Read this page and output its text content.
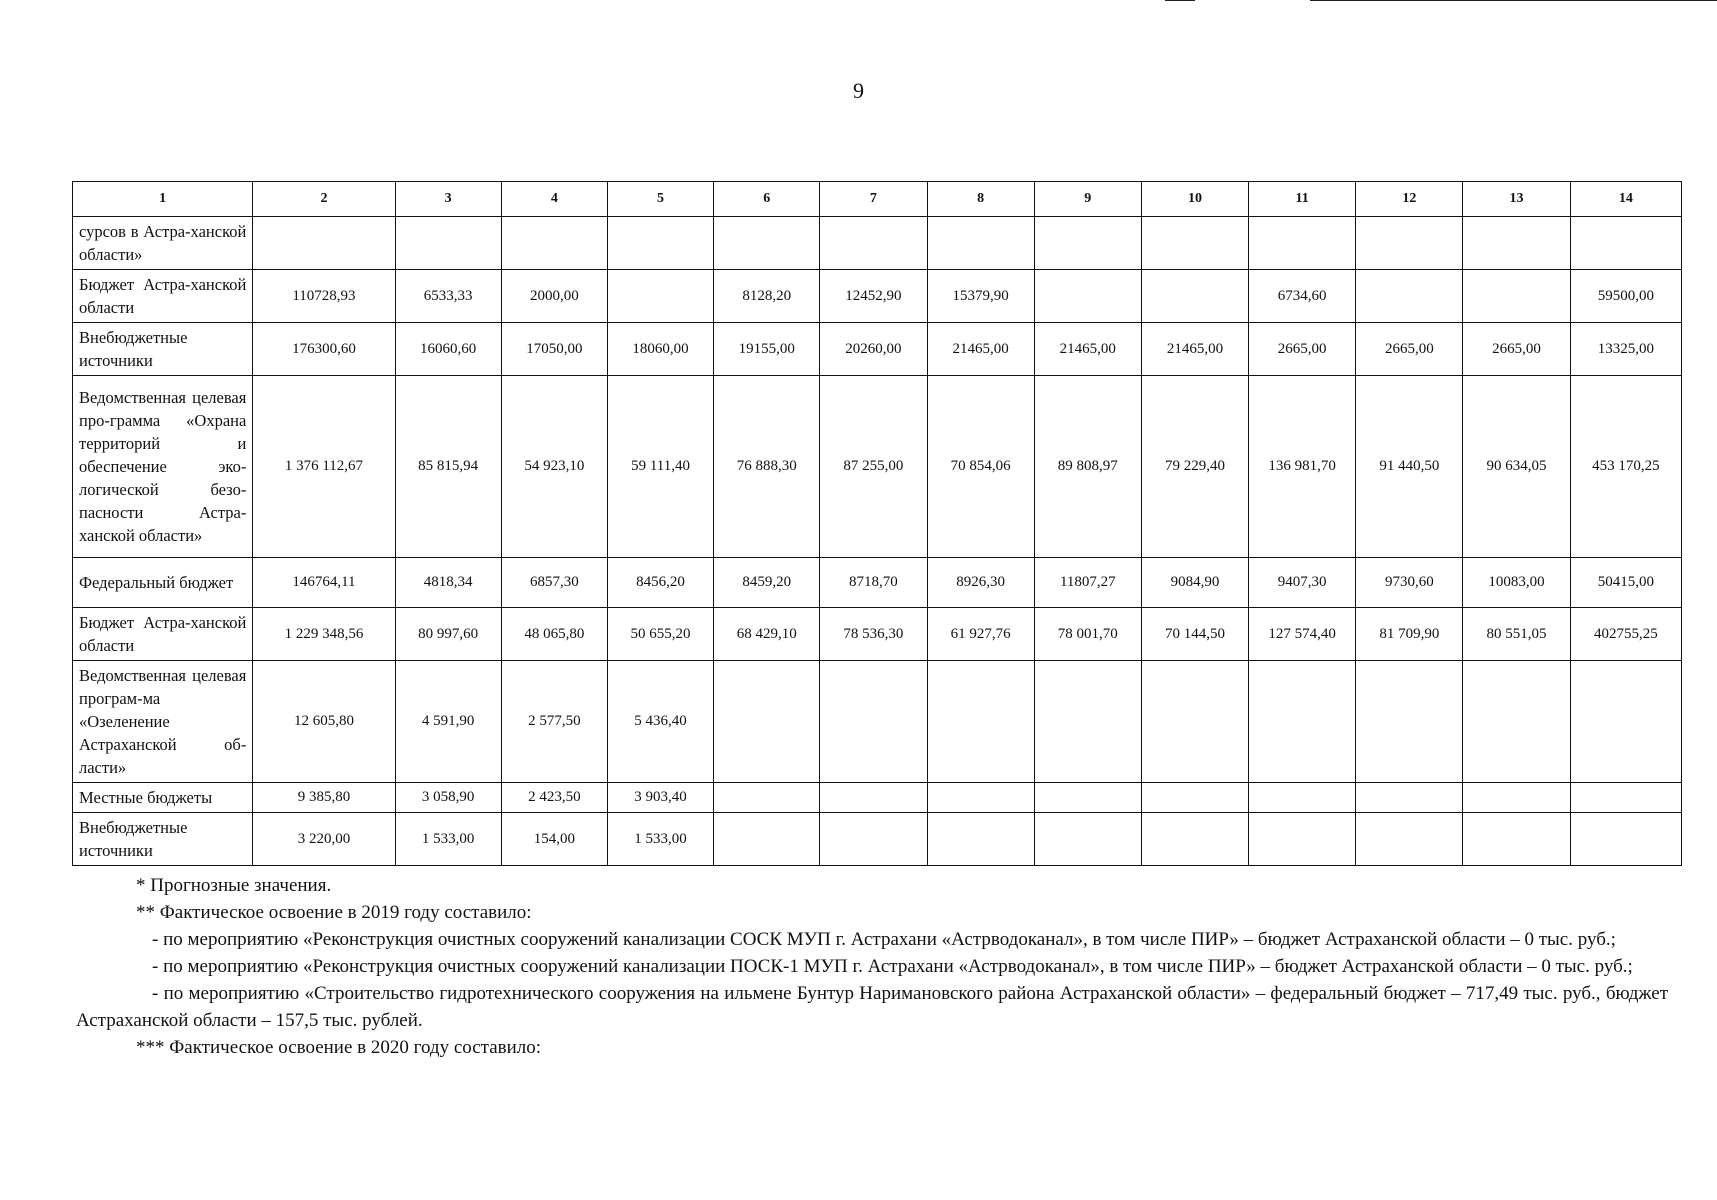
9
1	2	3	4	5	6	7	8	9	10	11	12	13	14
сурсов в Астра-ханской области»													
Бюджет Астра-ханской области	110728,93	6533,33	2000,00		8128,20	12452,90	15379,90			6734,60			59500,00
Внебюджетные источники	176300,60	16060,60	17050,00	18060,00	19155,00	20260,00	21465,00	21465,00	21465,00	2665,00	2665,00	2665,00	13325,00
Ведомственная целевая про-грамма «Охрана территорий и обеспечение эко-логической безо-пасности Астра-ханской области»	1 376 112,67	85 815,94	54 923,10	59 111,40	76 888,30	87 255,00	70 854,06	89 808,97	79 229,40	136 981,70	91 440,50	90 634,05	453 170,25
Федеральный бюджет	146764,11	4818,34	6857,30	8456,20	8459,20	8718,70	8926,30	11807,27	9084,90	9407,30	9730,60	10083,00	50415,00
Бюджет Астра-ханской области	1 229 348,56	80 997,60	48 065,80	50 655,20	68 429,10	78 536,30	61 927,76	78 001,70	70 144,50	127 574,40	81 709,90	80 551,05	402755,25
Ведомственная целевая програм-ма «Озеленение Астраханской об-ласти»	12 605,80	4 591,90	2 577,50	5 436,40									
Местные бюджеты	9 385,80	3 058,90	2 423,50	3 903,40									
Внебюджетные источники	3 220,00	1 533,00	154,00	1 533,00									

* Прогнозные значения.

** Фактическое освоение в 2019 году составило:

- по мероприятию «Реконструкция очистных сооружений канализации СОСК МУП г. Астрахани «Астрводоканал», в том числе ПИР» – бюджет Астраханской области – 0 тыс. руб.;

- по мероприятию «Реконструкция очистных сооружений канализации ПОСК-1 МУП г. Астрахани «Астрводоканал», в том числе ПИР» – бюджет Астраханской области – 0 тыс. руб.;

- по мероприятию «Строительство гидротехнического сооружения на ильмене Бунтур Наримановского района Астраханской области» – федеральный бюджет – 717,49 тыс. руб., бюджет Астраханской области – 157,5 тыс. рублей.

*** Фактическое освоение в 2020 году составило:
